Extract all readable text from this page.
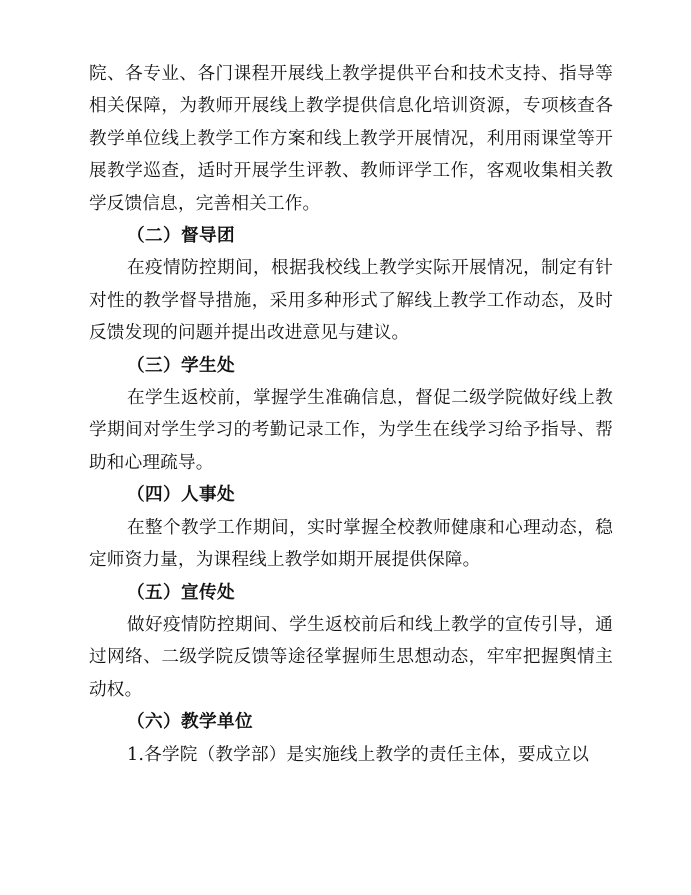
院、各专业、各门课程开展线上教学提供平台和技术支持、指导等相关保障，为教师开展线上教学提供信息化培训资源，专项核查各教学单位线上教学工作方案和线上教学开展情况，利用雨课堂等开展教学巡查，适时开展学生评教、教师评学工作，客观收集相关教学反馈信息，完善相关工作。

（二）督导团

在疫情防控期间，根据我校线上教学实际开展情况，制定有针对性的教学督导措施，采用多种形式了解线上教学工作动态，及时反馈发现的问题并提出改进意见与建议。

（三）学生处

在学生返校前，掌握学生准确信息，督促二级学院做好线上教学期间对学生学习的考勤记录工作，为学生在线学习给予指导、帮助和心理疏导。

（四）人事处

在整个教学工作期间，实时掌握全校教师健康和心理动态，稳定师资力量，为课程线上教学如期开展提供保障。

（五）宣传处

做好疫情防控期间、学生返校前后和线上教学的宣传引导，通过网络、二级学院反馈等途径掌握师生思想动态，牢牢把握舆情主动权。

（六）教学单位

1.各学院（教学部）是实施线上教学的责任主体，要成立以
